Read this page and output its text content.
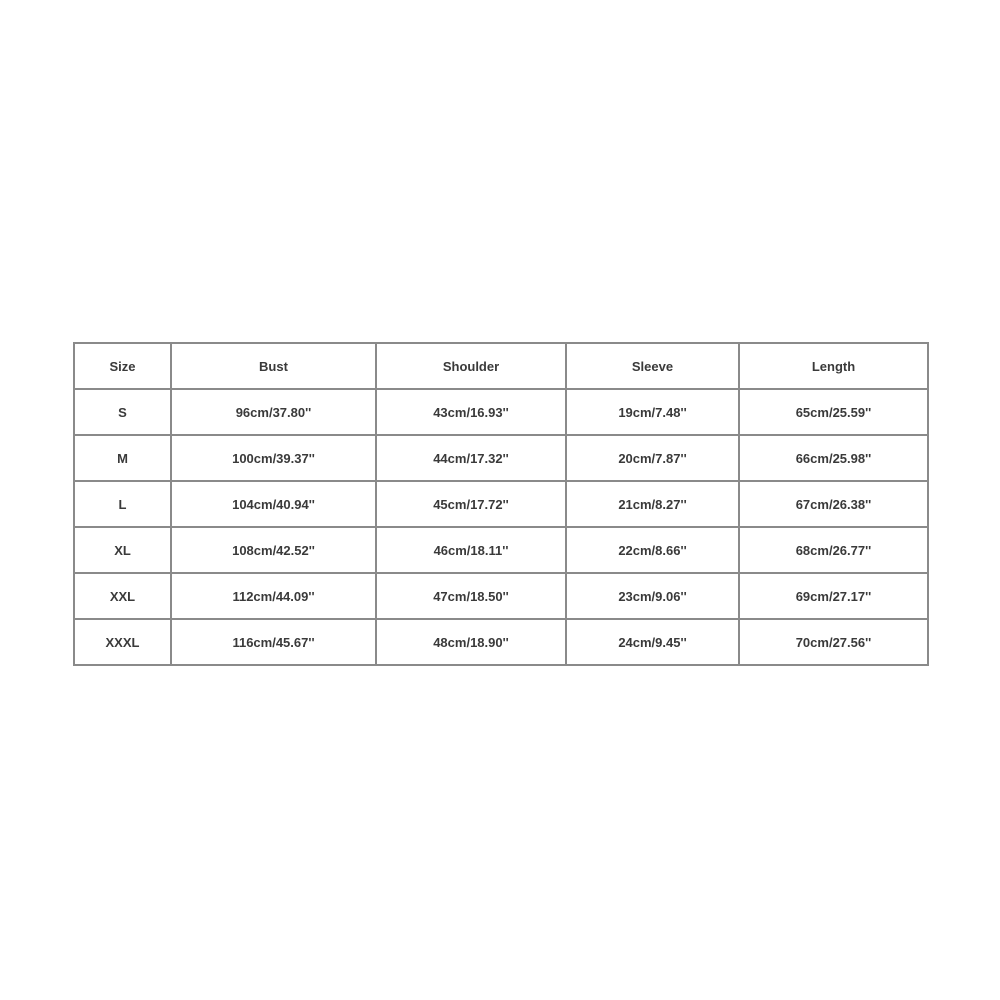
Size	Bust	Shoulder	Sleeve	Length
S	96cm/37.80''	43cm/16.93''	19cm/7.48''	65cm/25.59''
M	100cm/39.37''	44cm/17.32''	20cm/7.87''	66cm/25.98''
L	104cm/40.94''	45cm/17.72''	21cm/8.27''	67cm/26.38''
XL	108cm/42.52''	46cm/18.11''	22cm/8.66''	68cm/26.77''
XXL	112cm/44.09''	47cm/18.50''	23cm/9.06''	69cm/27.17''
XXXL	116cm/45.67''	48cm/18.90''	24cm/9.45''	70cm/27.56''
